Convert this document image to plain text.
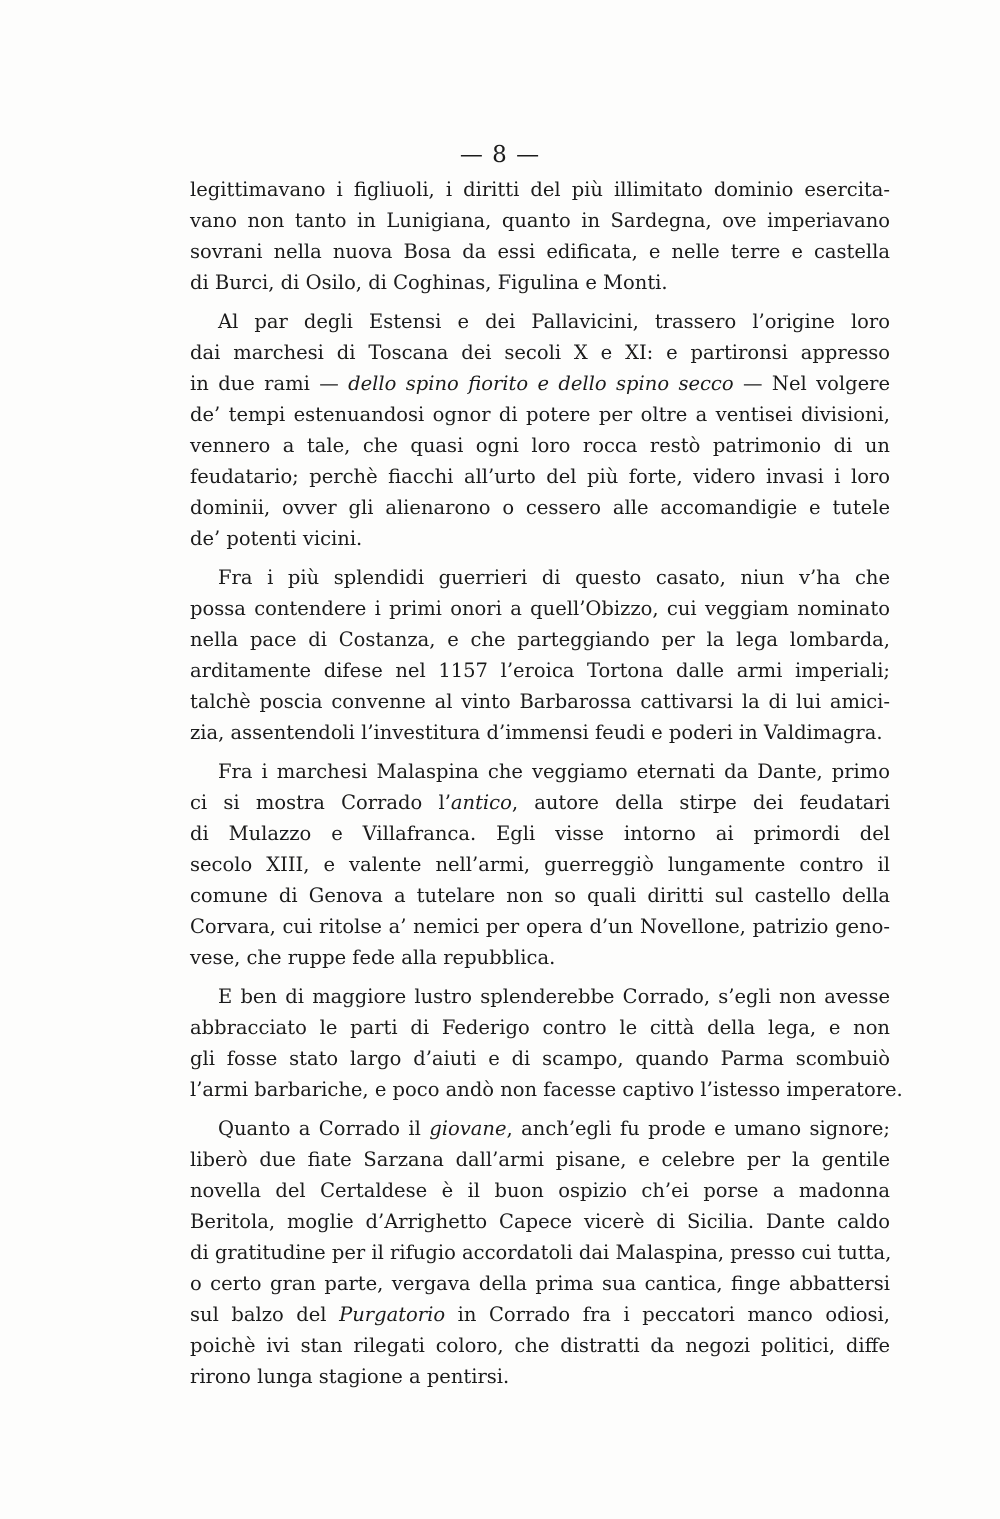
— 8 —
legittimavano i figliuoli, i diritti del più illimitato dominio esercita-
vano non tanto in Lunigiana, quanto in Sardegna, ove imperiavano
sovrani nella nuova Bosa da essi edificata, e nelle terre e castella
di Burci, di Osilo, di Coghinas, Figulina e Monti.
Al par degli Estensi e dei Pallavicini, trassero l’origine loro
dai marchesi di Toscana dei secoli X e XI: e partironsi appresso
in due rami — dello spino fiorito e dello spino secco — Nel volgere
de’ tempi estenuandosi ognor di potere per oltre a ventisei divisioni,
vennero a tale, che quasi ogni loro rocca restò patrimonio di un
feudatario; perchè fiacchi all’urto del più forte, videro invasi i loro
dominii, ovver gli alienarono o cessero alle accomandigie e tutele
de’ potenti vicini.
Fra i più splendidi guerrieri di questo casato, niun v’ha che
possa contendere i primi onori a quell’Obizzo, cui veggiam nominato
nella pace di Costanza, e che parteggiando per la lega lombarda,
arditamente difese nel 1157 l’eroica Tortona dalle armi imperiali;
talchè poscia convenne al vinto Barbarossa cattivarsi la di lui amici-
zia, assentendoli l’investitura d’immensi feudi e poderi in Valdimagra.
Fra i marchesi Malaspina che veggiamo eternati da Dante, primo
ci si mostra Corrado l’antico, autore della stirpe dei feudatari
di Mulazzo e Villafranca. Egli visse intorno ai primordi del
secolo XIII, e valente nell’armi, guerreggiò lungamente contro il
comune di Genova a tutelare non so quali diritti sul castello della
Corvara, cui ritolse a’ nemici per opera d’un Novellone, patrizio geno-
vese, che ruppe fede alla repubblica.
E ben di maggiore lustro splenderebbe Corrado, s’egli non avesse
abbracciato le parti di Federigo contro le città della lega, e non
gli fosse stato largo d’aiuti e di scampo, quando Parma scombuiò
l’armi barbariche, e poco andò non facesse captivo l’istesso imperatore.
Quanto a Corrado il giovane, anch’egli fu prode e umano signore;
liberò due fiate Sarzana dall’armi pisane, e celebre per la gentile
novella del Certaldese è il buon ospizio ch’ei porse a madonna
Beritola, moglie d’Arrighetto Capece vicerè di Sicilia. Dante caldo
di gratitudine per il rifugio accordatoli dai Malaspina, presso cui tutta,
o certo gran parte, vergava della prima sua cantica, finge abbattersi
sul balzo del Purgatorio in Corrado fra i peccatori manco odiosi,
poichè ivi stan rilegati coloro, che distratti da negozi politici, diffe
rirono lunga stagione a pentirsi.
